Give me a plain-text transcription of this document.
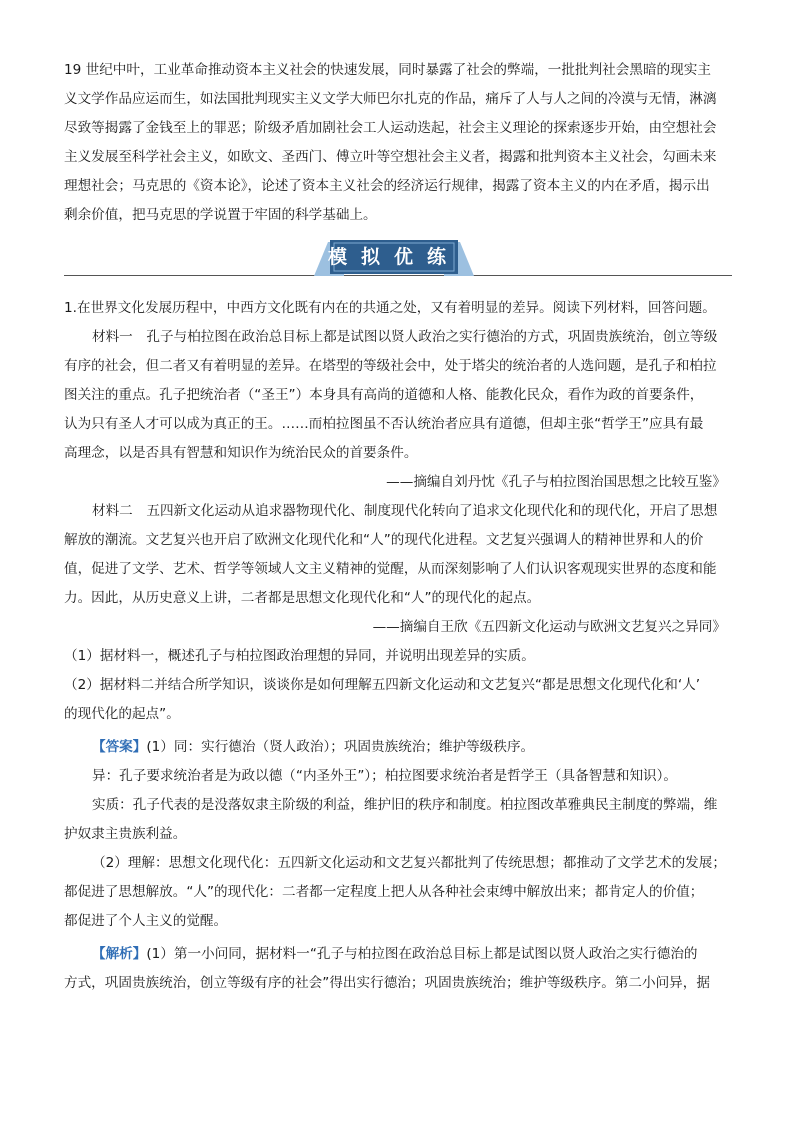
19 世纪中叶，工业革命推动资本主义社会的快速发展，同时暴露了社会的弊端，一批批判社会黑暗的现实主

义文学作品应运而生，如法国批判现实主义文学大师巴尔扎克的作品，痛斥了人与人之间的冷漠与无情，淋漓

尽致等揭露了金钱至上的罪恶；阶级矛盾加剧社会工人运动迭起，社会主义理论的探索逐步开始，由空想社会

主义发展至科学社会主义，如欧文、圣西门、傅立叶等空想社会主义者，揭露和批判资本主义社会，勾画未来

理想社会；马克思的《资本论》，论述了资本主义社会的经济运行规律，揭露了资本主义的内在矛盾，揭示出

剩余价值，把马克思的学说置于牢固的科学基础上。

模拟优练

1.在世界文化发展历程中，中西方文化既有内在的共通之处，又有着明显的差异。阅读下列材料，回答问题。

材料一　孔子与柏拉图在政治总目标上都是试图以贤人政治之实行德治的方式，巩固贵族统治，创立等级

有序的社会，但二者又有着明显的差异。在塔型的等级社会中，处于塔尖的统治者的人选问题，是孔子和柏拉

图关注的重点。孔子把统治者（“圣王”）本身具有高尚的道德和人格、能教化民众，看作为政的首要条件，

认为只有圣人才可以成为真正的王。……而柏拉图虽不否认统治者应具有道德，但却主张“哲学王”应具有最

高理念，以是否具有智慧和知识作为统治民众的首要条件。

——摘编自刘丹忱《孔子与柏拉图治国思想之比较互鉴》

材料二　五四新文化运动从追求器物现代化、制度现代化转向了追求文化现代化和的现代化，开启了思想

解放的潮流。文艺复兴也开启了欧洲文化现代化和“人”的现代化进程。文艺复兴强调人的精神世界和人的价

值，促进了文学、艺术、哲学等领域人文主义精神的觉醒，从而深刻影响了人们认识客观现实世界的态度和能

力。因此，从历史意义上讲，二者都是思想文化现代化和“人”的现代化的起点。

——摘编自王欣《五四新文化运动与欧洲文艺复兴之异同》

（1）据材料一，概述孔子与柏拉图政治理想的异同，并说明出现差异的实质。

（2）据材料二并结合所学知识，谈谈你是如何理解五四新文化运动和文艺复兴“都是思想文化现代化和‘人’

的现代化的起点”。

【答案】(1）同：实行德治（贤人政治）；巩固贵族统治；维护等级秩序。

异：孔子要求统治者是为政以德（“内圣外王”）；柏拉图要求统治者是哲学王（具备智慧和知识）。

实质：孔子代表的是没落奴隶主阶级的利益，维护旧的秩序和制度。柏拉图改革雅典民主制度的弊端，维

护奴隶主贵族利益。

（2）理解：思想文化现代化：五四新文化运动和文艺复兴都批判了传统思想；都推动了文学艺术的发展；

都促进了思想解放。“人”的现代化：二者都一定程度上把人从各种社会束缚中解放出来；都肯定人的价值；

都促进了个人主义的觉醒。

【解析】(1）第一小问同，据材料一“孔子与柏拉图在政治总目标上都是试图以贤人政治之实行德治的

方式，巩固贵族统治，创立等级有序的社会”得出实行德治；巩固贵族统治；维护等级秩序。第二小问异，据
